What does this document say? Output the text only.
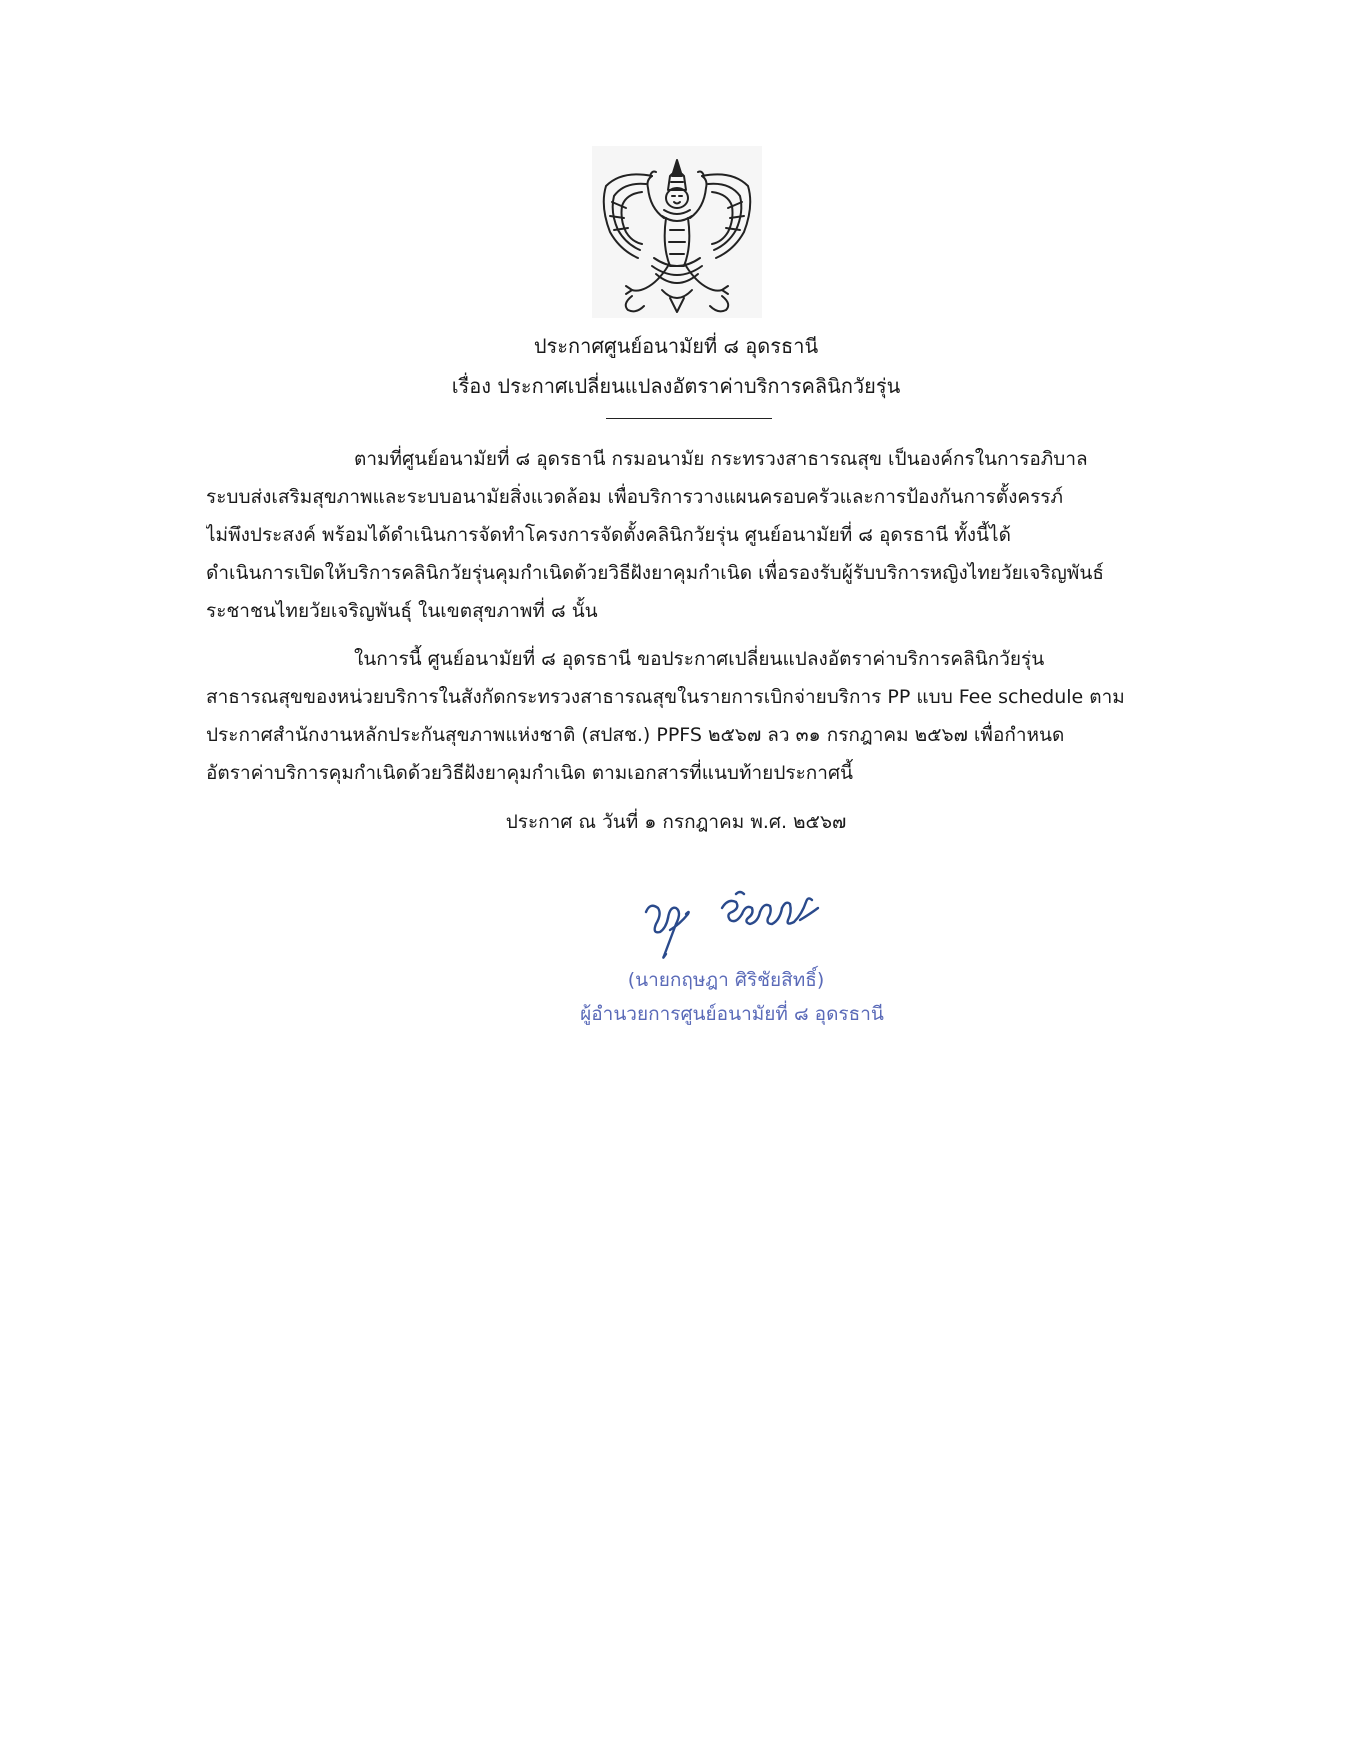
ประกาศศูนย์อนามัยที่ ๘ อุดรธานี
เรื่อง ประกาศเปลี่ยนแปลงอัตราค่าบริการคลินิกวัยรุ่น
ตามที่ศูนย์อนามัยที่ ๘ อุดรธานี กรมอนามัย กระทรวงสาธารณสุข เป็นองค์กรในการอภิบาล
ระบบส่งเสริมสุขภาพและระบบอนามัยสิ่งแวดล้อม เพื่อบริการวางแผนครอบครัวและการป้องกันการตั้งครรภ์
ไม่พึงประสงค์ พร้อมได้ดำเนินการจัดทำโครงการจัดตั้งคลินิกวัยรุ่น ศูนย์อนามัยที่ ๘ อุดรธานี ทั้งนี้ได้
ดำเนินการเปิดให้บริการคลินิกวัยรุ่นคุมกำเนิดด้วยวิธีฝังยาคุมกำเนิด เพื่อรองรับผู้รับบริการหญิงไทยวัยเจริญพันธ์
ระชาชนไทยวัยเจริญพันธุ์ ในเขตสุขภาพที่ ๘ นั้น
ในการนี้ ศูนย์อนามัยที่ ๘ อุดรธานี ขอประกาศเปลี่ยนแปลงอัตราค่าบริการคลินิกวัยรุ่น
สาธารณสุขของหน่วยบริการในสังกัดกระทรวงสาธารณสุขในรายการเบิกจ่ายบริการ PP แบบ Fee schedule ตาม
ประกาศสำนักงานหลักประกันสุขภาพแห่งชาติ (สปสช.) PPFS ๒๕๖๗ ลว ๓๑ กรกฎาคม ๒๕๖๗ เพื่อกำหนด
อัตราค่าบริการคุมกำเนิดด้วยวิธีฝังยาคุมกำเนิด ตามเอกสารที่แนบท้ายประกาศนี้
ประกาศ ณ วันที่ ๑ กรกฎาคม พ.ศ. ๒๕๖๗
(นายกฤษฎา ศิริชัยสิทธิ์)
ผู้อำนวยการศูนย์อนามัยที่ ๘ อุดรธานี
